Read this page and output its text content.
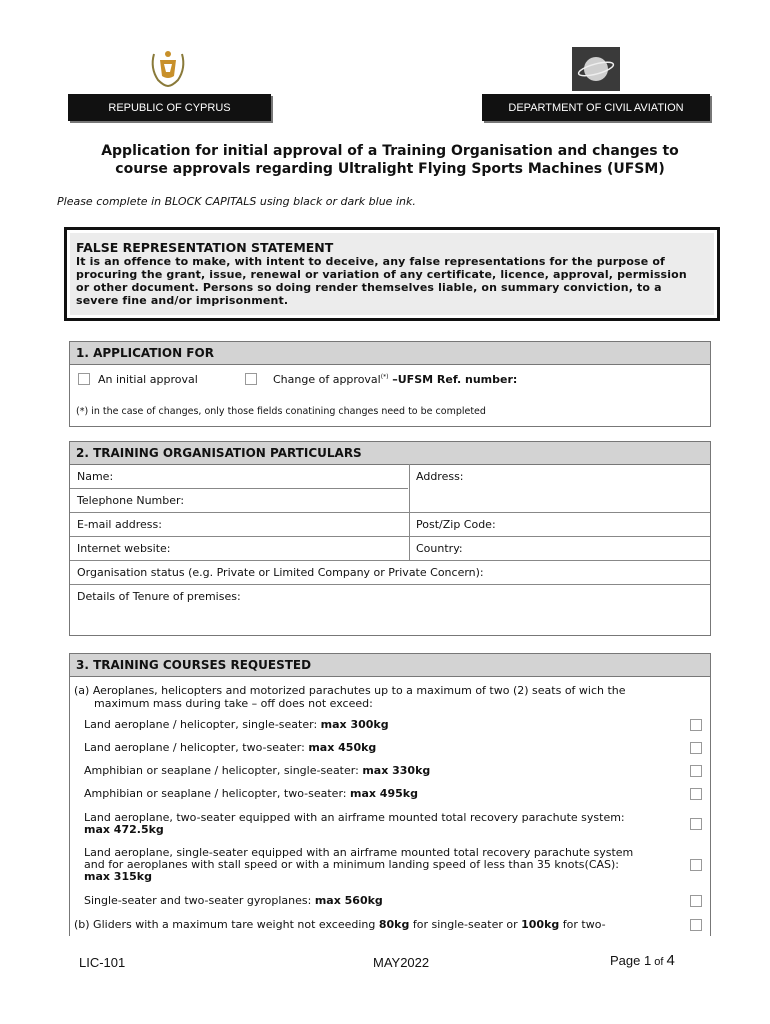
REPUBLIC OF CYPRUS	DEPARTMENT OF CIVIL AVIATION
Application for initial approval of a Training Organisation and changes to
course approvals regarding Ultralight Flying Sports Machines (UFSM)
Please complete in BLOCK CAPITALS using black or dark blue ink.
FALSE REPRESENTATION STATEMENT
It is an offence to make, with intent to deceive, any false representations for the purpose of
procuring the grant, issue, renewal or variation of any certificate, licence, approval, permission
or other document. Persons so doing render themselves liable, on summary conviction, to a
severe fine and/or imprisonment.
1. APPLICATION FOR
An initial approval	Change of approval(*) –UFSM Ref. number:
(*) in the case of changes, only those fields conatining changes need to be completed
2. TRAINING ORGANISATION PARTICULARS
Name:	Address:
Telephone Number:
E-mail address:	Post/Zip Code:
Internet website:	Country:
Organisation status (e.g. Private or Limited Company or Private Concern):
Details of Tenure of premises:
3. TRAINING COURSES REQUESTED
(a) Aeroplanes, helicopters and motorized parachutes up to a maximum of two (2) seats of wich the
maximum mass during take – off does not exceed:
Land aeroplane / helicopter, single-seater: max 300kg
Land aeroplane / helicopter, two-seater: max 450kg
Amphibian or seaplane / helicopter, single-seater: max 330kg
Amphibian or seaplane / helicopter, two-seater: max 495kg
Land aeroplane, two-seater equipped with an airframe mounted total recovery parachute system:
max 472.5kg
Land aeroplane, single-seater equipped with an airframe mounted total recovery parachute system
and for aeroplanes with stall speed or with a minimum landing speed of less than 35 knots(CAS):
max 315kg
Single-seater and two-seater gyroplanes: max 560kg
(b) Gliders with a maximum tare weight not exceeding 80kg for single-seater or 100kg for two-
LIC-101	MAY2022	Page 1 of 4
